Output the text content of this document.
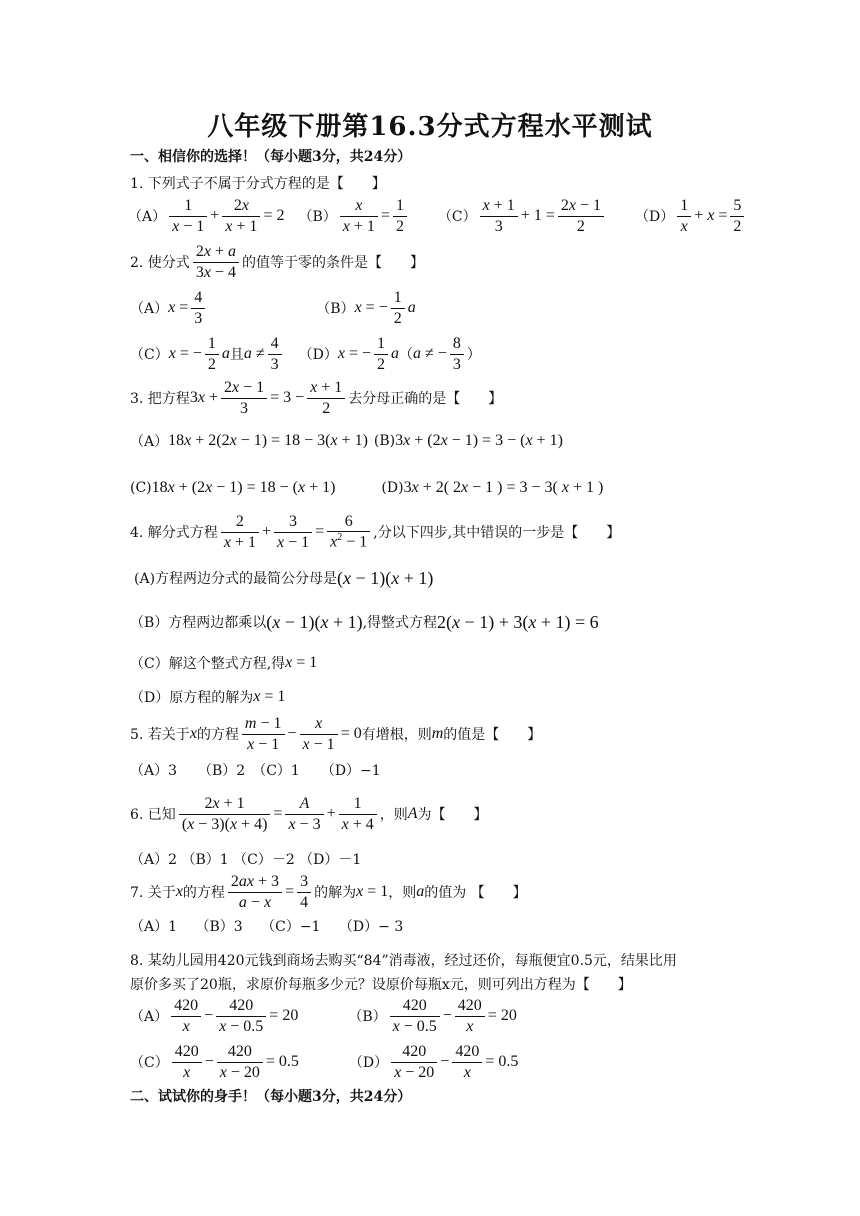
八年级下册第16.3分式方程水平测试
一、相信你的选择！（每小题3分，共24分）
1. 下列式子不属于分式方程的是【　　】
$(A) \frac{1}{x - 1} + \frac{2x}{x + 1} = 2$ $(B) \frac{x}{x + 1} = \frac{1}{2} (C) \frac{x + 1}{3} + 1 = \frac{2x - 1}{2} (D) \frac{1}{x} + x = \frac{5}{2}$
2. 使分式 $\frac{2x + a}{3x - 4}$ 的值等于零的条件是【　　】
（A） $x = \frac{4}{3}$	（B） x = − $\frac{1}{2}$ a
（C） x = − $\frac{1}{2}$ a 且 $a \ne \frac{4}{3} (D) x$ = − $\frac{1}{2}$ a （ a ≠ − $\frac{8}{3}$ ）
3. 把方程 $3x + \frac{2x - 1}{3} = 3 - \frac{x + 1}{2}$ 去分母正确的是【　　】
（A） 18x + 2(2x − 1) = 18 − 3(x + 1) (B) 3x + (2x − 1) = 3 − (x + 1)
(C) 18x + (2x − 1) = 18 − (x + 1)	(D) 3x + 2( 2x − 1 ) = 3 − 3( x + 1 )
4. 解分式方程 $\frac{2}{x + 1} + \frac{3}{x - 1} = \frac{6}{x^2 - 1}$ ,分以下四步,其中错误的一步是【　　】
(A)方程两边分式的最简公分母是 (x − 1)(x + 1)
（B）方程两边都乘以 (x − 1)(x + 1) ,得整式方程 2(x − 1) + 3(x + 1) = 6
（C）解这个整式方程,得 x = 1
（D）原方程的解为 x = 1
5. 若关于 x 的方程 $\frac{m - 1}{x - 1} - \frac{x}{x - 1} = 0$ 有增根，则 m 的值是【　　】
（A）3　　（B）2　（C）1　　（D）−1
6. 已知 $\frac{2x + 1}{(x - 3)(x + 4)} = \frac{A}{x - 3} + \frac{1}{x + 4}$ ，则 A 为【　　】
（A）2 （B）1 （C）－2 （D）－1
7. 关于 x 的方程 $\frac{2ax + 3}{a - x} = \frac{3}{4}$ 的解为 x = 1 ，则 a 的值为 【　　】
（A）1　 （B）3　 （C）−1　 （D）− 3
8. 某幼儿园用420元钱到商场去购买“84”消毒液，经过还价，每瓶便宜0.5元，结果比用
原价多买了20瓶，求原价每瓶多少元？设原价每瓶x元，则可列出方程为【　　】
$(A) \frac{420}{x} - \frac{420}{x - 0.5} = 20$	$(B) \frac{420}{x - 0.5} - \frac{420}{x} = 20$
$(C) \frac{420}{x} - \frac{420}{x - 20} = 0.5$	$(D) \frac{420}{x - 20} - \frac{420}{x} = 0.5$
二、试试你的身手！（每小题3分，共24分）
